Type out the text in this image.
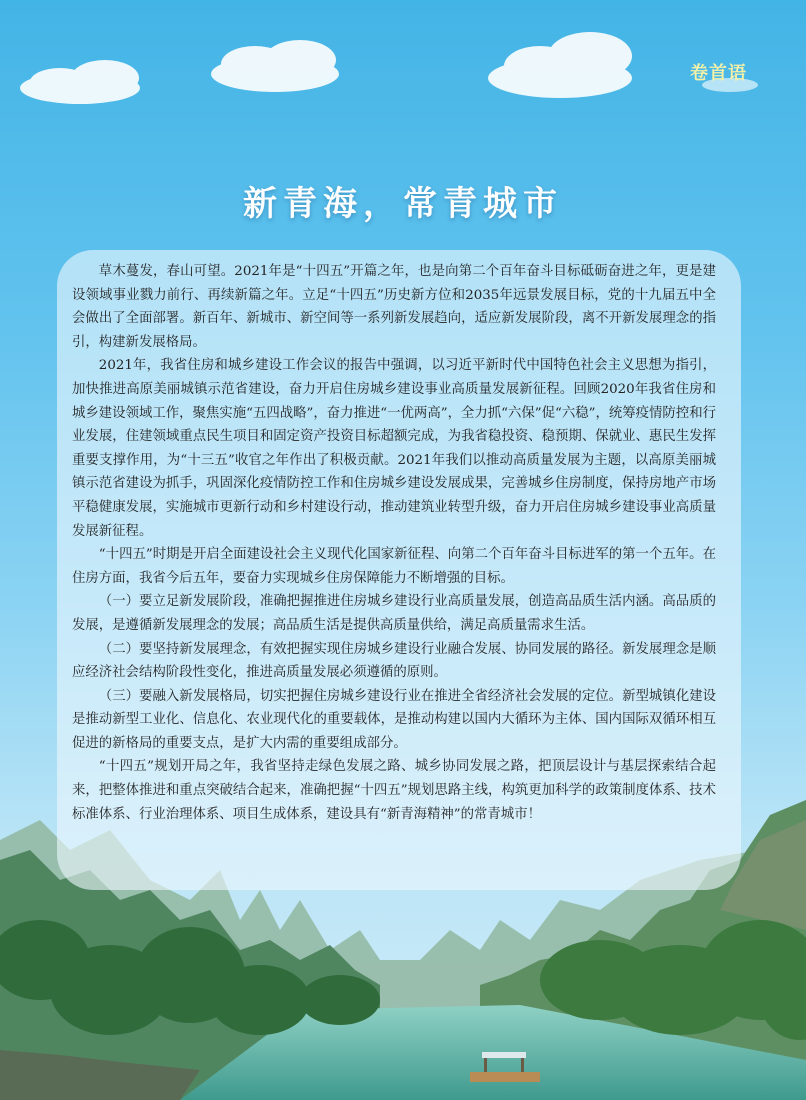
卷首语
新青海，常青城市

草木蔓发，春山可望。2021年是“十四五”开篇之年，也是向第二个百年奋斗目标砥砺奋进之年，更是建设领域事业戮力前行、再续新篇之年。立足“十四五”历史新方位和2035年远景发展目标，党的十九届五中全会做出了全面部署。新百年、新城市、新空间等一系列新发展趋向，适应新发展阶段，离不开新发展理念的指引，构建新发展格局。

2021年，我省住房和城乡建设工作会议的报告中强调，以习近平新时代中国特色社会主义思想为指引，加快推进高原美丽城镇示范省建设，奋力开启住房城乡建设事业高质量发展新征程。回顾2020年我省住房和城乡建设领域工作，聚焦实施“五四战略”，奋力推进“一优两高”，全力抓“六保”促“六稳”，统筹疫情防控和行业发展，住建领域重点民生项目和固定资产投资目标超额完成，为我省稳投资、稳预期、保就业、惠民生发挥重要支撑作用，为“十三五”收官之年作出了积极贡献。2021年我们以推动高质量发展为主题，以高原美丽城镇示范省建设为抓手，巩固深化疫情防控工作和住房城乡建设发展成果，完善城乡住房制度，保持房地产市场平稳健康发展，实施城市更新行动和乡村建设行动，推动建筑业转型升级，奋力开启住房城乡建设事业高质量发展新征程。

“十四五”时期是开启全面建设社会主义现代化国家新征程、向第二个百年奋斗目标进军的第一个五年。在住房方面，我省今后五年，要奋力实现城乡住房保障能力不断增强的目标。

（一）要立足新发展阶段，准确把握推进住房城乡建设行业高质量发展，创造高品质生活内涵。高品质的发展，是遵循新发展理念的发展；高品质生活是提供高质量供给，满足高质量需求生活。

（二）要坚持新发展理念，有效把握实现住房城乡建设行业融合发展、协同发展的路径。新发展理念是顺应经济社会结构阶段性变化，推进高质量发展必须遵循的原则。

（三）要融入新发展格局，切实把握住房城乡建设行业在推进全省经济社会发展的定位。新型城镇化建设是推动新型工业化、信息化、农业现代化的重要载体，是推动构建以国内大循环为主体、国内国际双循环相互促进的新格局的重要支点，是扩大内需的重要组成部分。

“十四五”规划开局之年，我省坚持走绿色发展之路、城乡协同发展之路，把顶层设计与基层探索结合起来，把整体推进和重点突破结合起来，准确把握“十四五”规划思路主线，构筑更加科学的政策制度体系、技术标准体系、行业治理体系、项目生成体系，建设具有“新青海精神”的常青城市！
